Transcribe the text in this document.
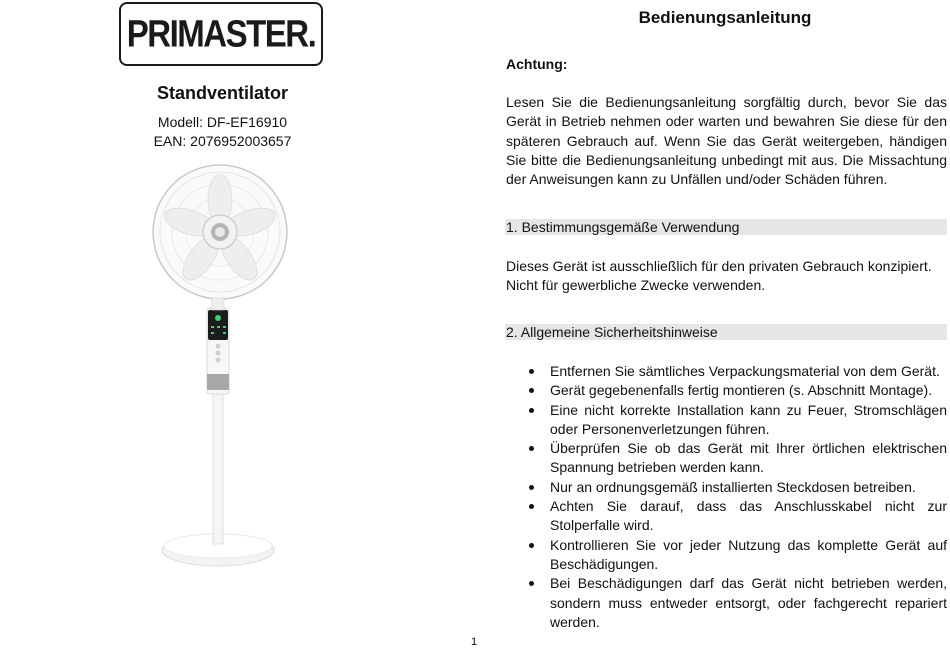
PRIMASTER.
Standventilator
Modell: DF-EF16910
EAN: 2076952003657
Bedienungsanleitung
Achtung:

Lesen Sie die Bedienungsanleitung sorgfältig durch, bevor Sie das Gerät in Betrieb nehmen oder warten und bewahren Sie diese für den späteren Gebrauch auf. Wenn Sie das Gerät weitergeben, händigen Sie bitte die Bedienungsanleitung unbedingt mit aus. Die Missachtung der Anweisungen kann zu Unfällen und/oder Schäden führen.

1. Bestimmungsgemäße Verwendung

Dieses Gerät ist ausschließlich für den privaten Gebrauch konzipiert.
Nicht für gewerbliche Zwecke verwenden.

2. Allgemeine Sicherheitshinweise
Entfernen Sie sämtliches Verpackungsmaterial von dem Gerät.
Gerät gegebenenfalls fertig montieren (s. Abschnitt Montage).
Eine nicht korrekte Installation kann zu Feuer, Stromschlägen oder Personenverletzungen führen.
Überprüfen Sie ob das Gerät mit Ihrer örtlichen elektrischen Spannung betrieben werden kann.
Nur an ordnungsgemäß installierten Steckdosen betreiben.
Achten Sie darauf, dass das Anschlusskabel nicht zur Stolperfalle wird.
Kontrollieren Sie vor jeder Nutzung das komplette Gerät auf Beschädigungen.
Bei Beschädigungen darf das Gerät nicht betrieben werden, sondern muss entweder entsorgt, oder fachgerecht repariert werden.
1
